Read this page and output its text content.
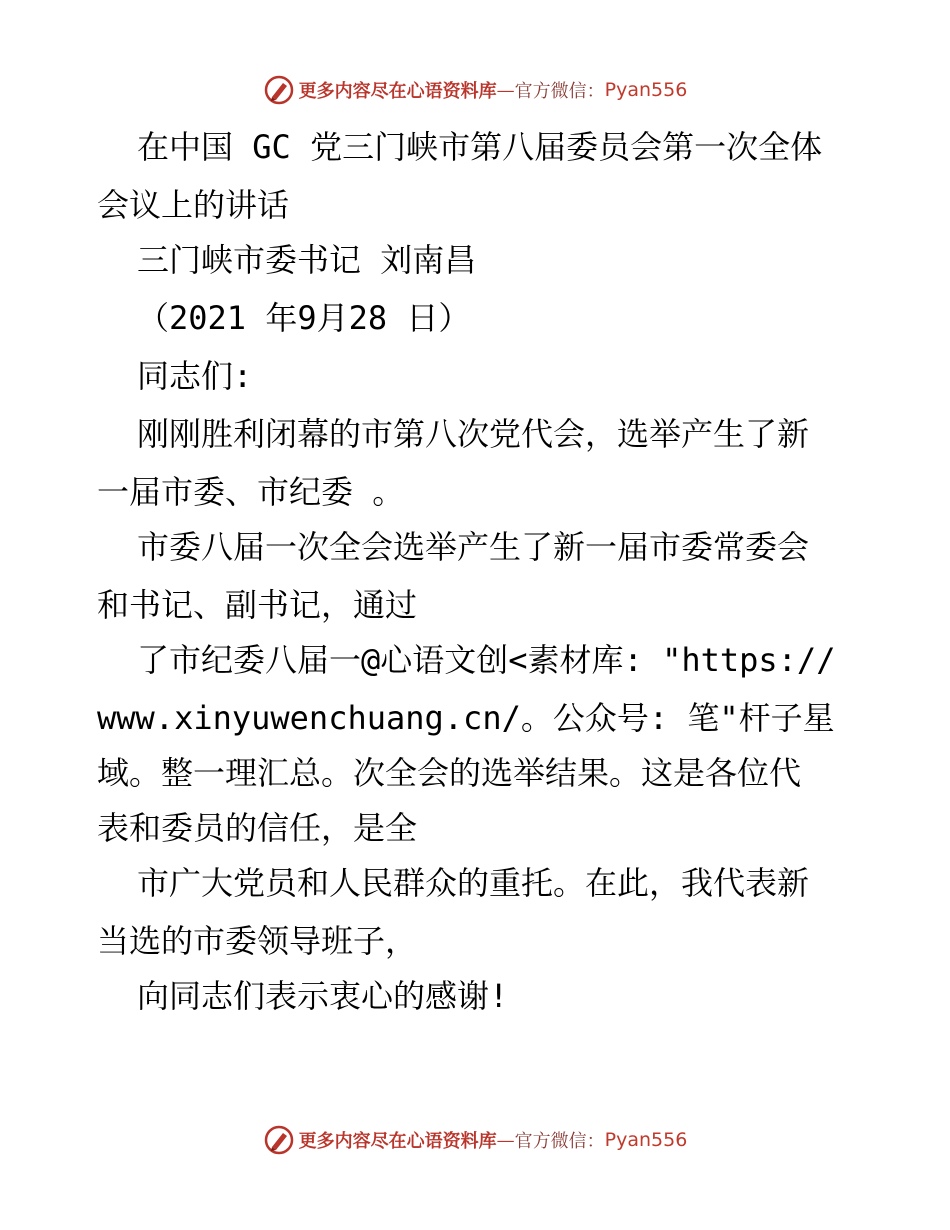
更多内容尽在心语资料库 — 官方微信： Pyan556
在中国 GC 党三门峡市第八届委员会第一次全体
会议上的讲话
三门峡市委书记 刘南昌
（2021 年9月28 日）
同志们:
刚刚胜利闭幕的市第八次党代会，选举产生了新
一届市委、市纪委 。
市委八届一次全会选举产生了新一届市委常委会
和书记、副书记，通过
了市纪委八届一@心语文创<素材库: "https://
www.xinyuwenchuang.cn/。公众号: 笔"杆子星
域。整一理汇总。次全会的选举结果。这是各位代
表和委员的信任，是全
市广大党员和人民群众的重托。在此，我代表新
当选的市委领导班子，
向同志们表示衷心的感谢!
更多内容尽在心语资料库 — 官方微信： Pyan556
